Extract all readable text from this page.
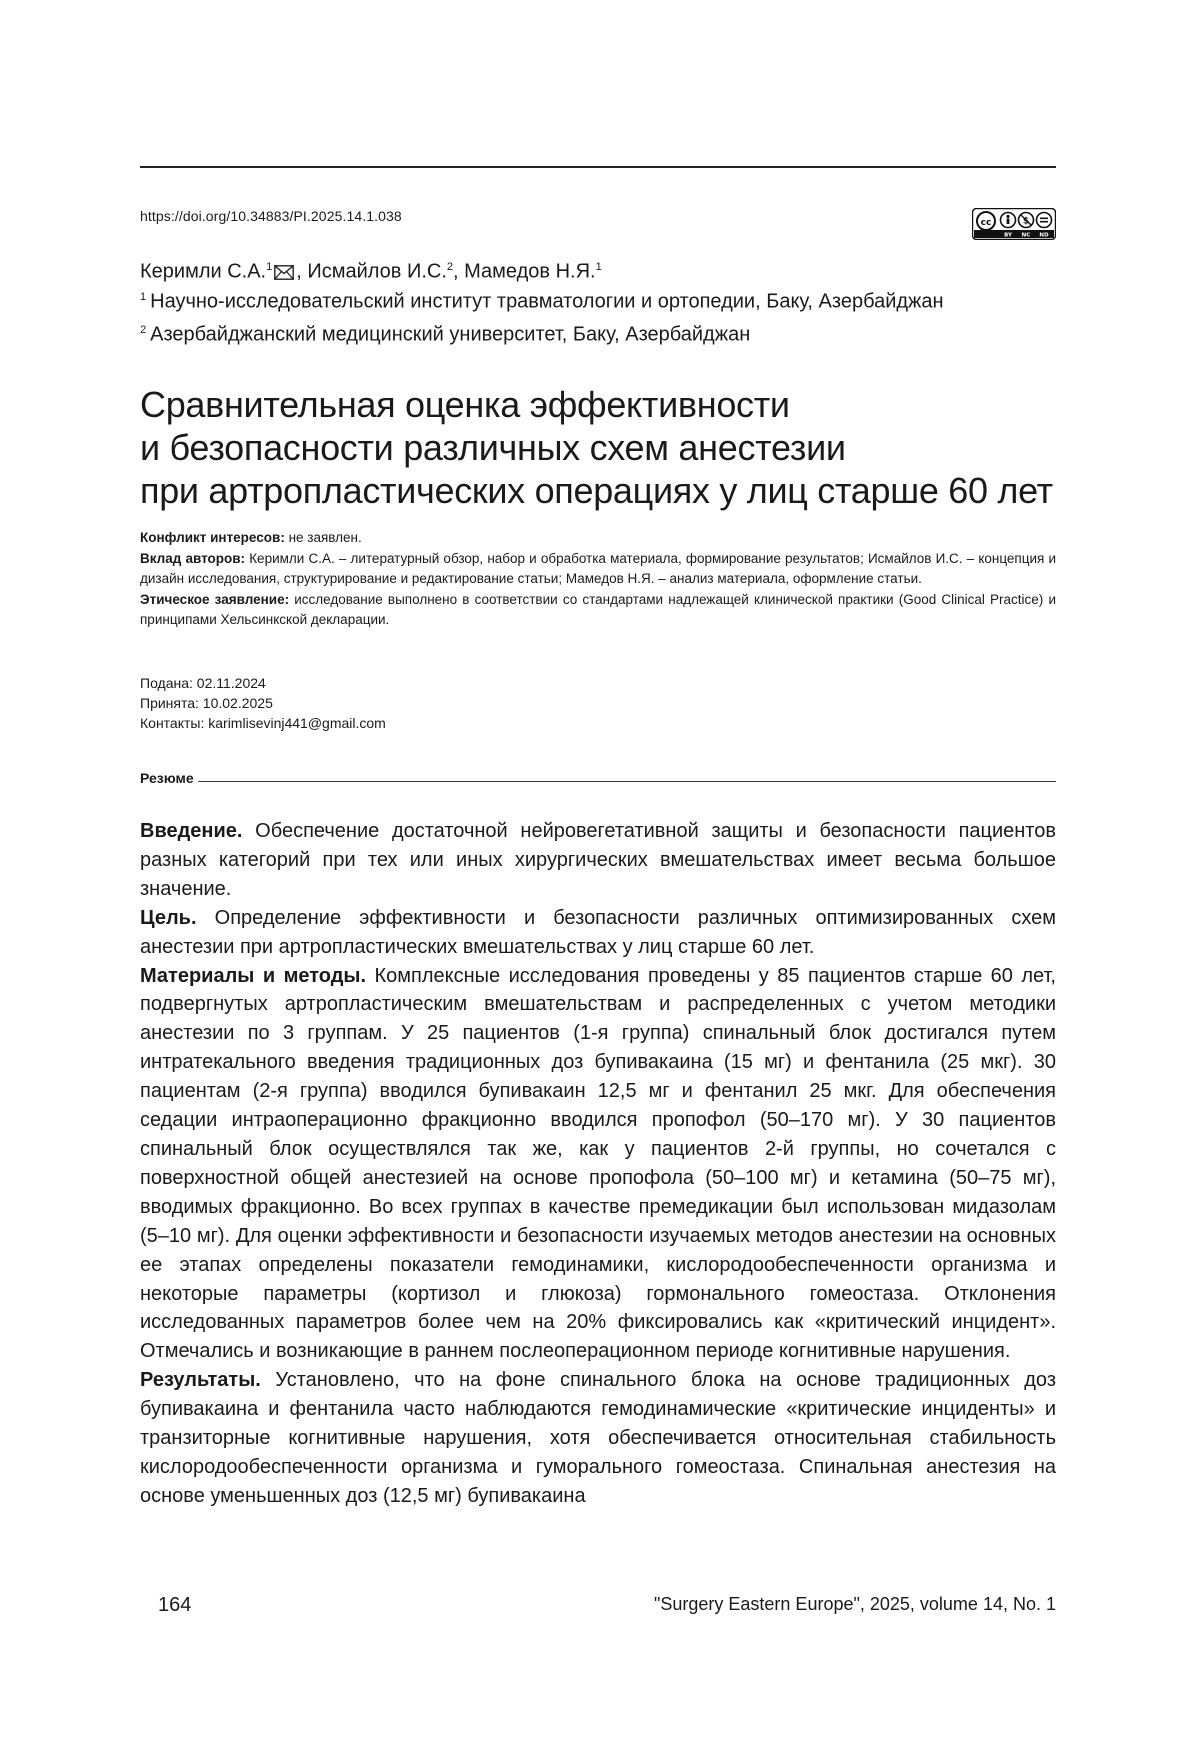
https://doi.org/10.34883/PI.2025.14.1.038	cc	$
BY NC ND
Керимли С.А.$^1$ , Исмайлов И.С.$^2$, Мамедов Н.Я.$^1$
$^1$ Научно-исследовательский институт травматологии и ортопедии, Баку, Азербайджан
$^2$ Азербайджанский медицинский университет, Баку, Азербайджан
Сравнительная оценка эффективности
и безопасности различных схем анестезии
при артропластических операциях у лиц старше 60 лет

Конфликт интересов: не заявлен.

Вклад авторов: Керимли С.А. – литературный обзор, набор и обработка материала, формирование результатов; Исмайлов И.С. – концепция и дизайн исследования, структурирование и редактирование статьи; Мамедов Н.Я. – анализ материала, оформление статьи.

Этическое заявление: исследование выполнено в соответствии со стандартами надлежащей клинической практики (Good Clinical Practice) и принципами Хельсинкской декларации.

Подана: 02.11.2024
Принята: 10.02.2025
Контакты: karimlisevinj441@gmail.com
Резюме

Введение. Обеспечение достаточной нейровегетативной защиты и безопасности пациентов разных категорий при тех или иных хирургических вмешательствах имеет весьма большое значение.

Цель. Определение эффективности и безопасности различных оптимизированных схем анестезии при артропластических вмешательствах у лиц старше 60 лет.

Материалы и методы. Комплексные исследования проведены у 85 пациентов старше 60 лет, подвергнутых артропластическим вмешательствам и распределенных с учетом методики анестезии по 3 группам. У 25 пациентов (1-я группа) спинальный блок достигался путем интратекального введения традиционных доз бупивакаина (15 мг) и фентанила (25 мкг). 30 пациентам (2-я группа) вводился бупивакаин 12,5 мг и фентанил 25 мкг. Для обеспечения седации интраоперационно фракционно вводился пропофол (50–170 мг). У 30 пациентов спинальный блок осуществлялся так же, как у пациентов 2-й группы, но сочетался с поверхностной общей анестезией на основе пропофола (50–100 мг) и кетамина (50–75 мг), вводимых фракционно. Во всех группах в качестве премедикации был использован мидазолам (5–10 мг). Для оценки эффективности и безопасности изучаемых методов анестезии на основных ее этапах определены показатели гемодинамики, кислородообеспеченности организма и некоторые параметры (кортизол и глюкоза) гормонального гомеостаза. Отклонения исследованных параметров более чем на 20% фиксировались как «критический инцидент». Отмечались и возникающие в раннем послеоперационном периоде когнитивные нарушения.

Результаты. Установлено, что на фоне спинального блока на основе традиционных доз бупивакаина и фентанила часто наблюдаются гемодинамические «критические инциденты» и транзиторные когнитивные нарушения, хотя обеспечивается относительная стабильность кислородообеспеченности организма и гуморального гомеостаза. Спинальная анестезия на основе уменьшенных доз (12,5 мг) бупивакаина

164	"Surgery Eastern Europe", 2025, volume 14, No. 1
